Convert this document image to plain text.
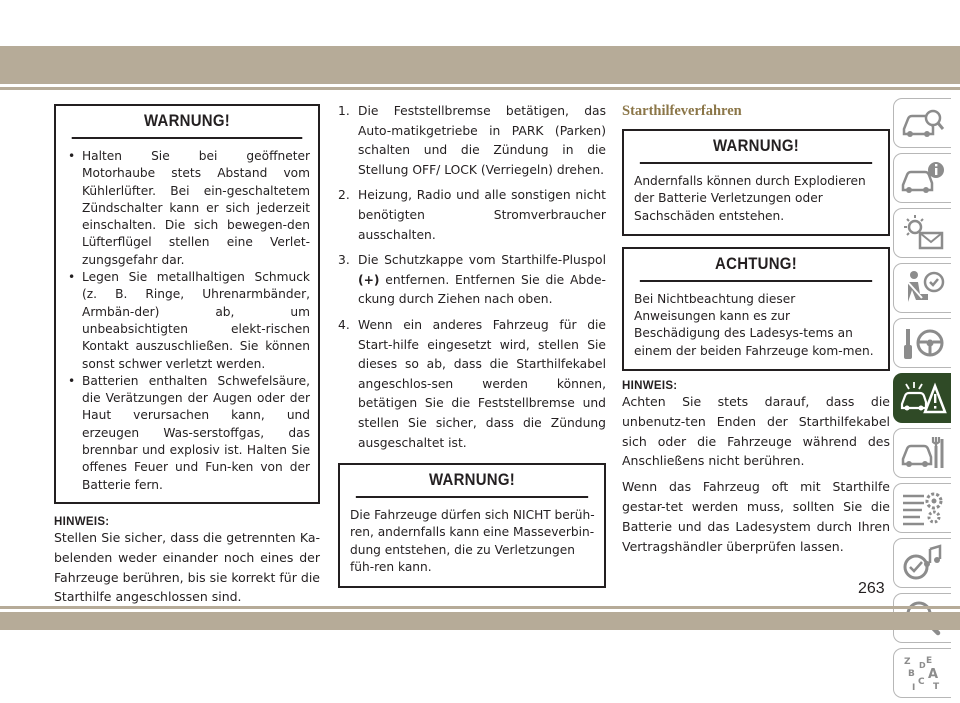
WARNUNG!
• Halten Sie bei geöffneter Motorhaube stets Abstand vom Kühlerlüfter. Bei ein-geschaltetem Zündschalter kann er sich jederzeit einschalten. Die sich bewegen-den Lüfterflügel stellen eine Verlet-zungsgefahr dar.
• Legen Sie metallhaltigen Schmuck (z. B. Ringe, Uhrenarmbänder, Armbän-der) ab, um unbeabsichtigten elekt-rischen Kontakt auszuschließen. Sie können sonst schwer verletzt werden.
• Batterien enthalten Schwefelsäure, die Verätzungen der Augen oder der Haut verursachen kann, und erzeugen Was-serstoffgas, das brennbar und explosiv ist. Halten Sie offenes Feuer und Fun-ken von der Batterie fern.
HINWEIS:
Stellen Sie sicher, dass die getrennten Ka-belenden weder einander noch eines der Fahrzeuge berühren, bis sie korrekt für die Starthilfe angeschlossen sind.
1. Die Feststellbremse betätigen, das Auto-matikgetriebe in PARK (Parken) schalten und die Zündung in die Stellung OFF/ LOCK (Verriegeln) drehen.
2. Heizung, Radio und alle sonstigen nicht benötigten Stromverbraucher ausschalten.
3. Die Schutzkappe vom Starthilfe-Pluspol (+) entfernen. Entfernen Sie die Abde-ckung durch Ziehen nach oben.
4. Wenn ein anderes Fahrzeug für die Start-hilfe eingesetzt wird, stellen Sie dieses so ab, dass die Starthilfekabel angeschlos-sen werden können, betätigen Sie die Feststellbremse und stellen Sie sicher, dass die Zündung ausgeschaltet ist.
WARNUNG!
Die Fahrzeuge dürfen sich NICHT berüh-ren, andernfalls kann eine Masseverbin-dung entstehen, die zu Verletzungen füh-ren kann.
Starthilfeverfahren
WARNUNG!
Andernfalls können durch Explodieren der Batterie Verletzungen oder Sachschäden entstehen.
ACHTUNG!
Bei Nichtbeachtung dieser Anweisungen kann es zur Beschädigung des Ladesys-tems an einem der beiden Fahrzeuge kom-men.
HINWEIS:
Achten Sie stets darauf, dass die unbenutz-ten Enden der Starthilfekabel sich oder die Fahrzeuge während des Anschließens nicht berühren.
Wenn das Fahrzeug oft mit Starthilfe gestar-tet werden muss, sollten Sie die Batterie und das Ladesystem durch Ihren Vertragshändler überprüfen lassen.
Z E
B A
C T
D
I
263
